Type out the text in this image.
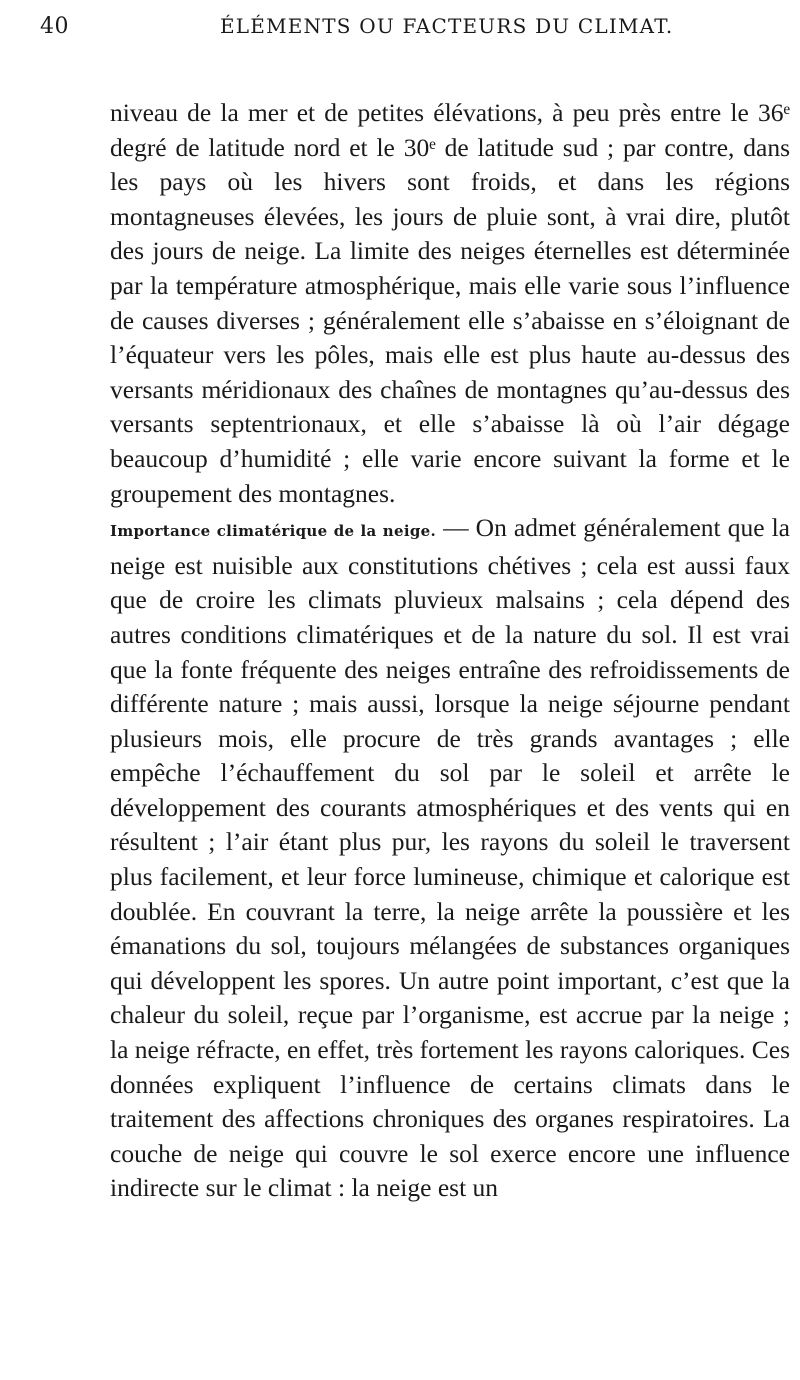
40	ÉLÉMENTS OU FACTEURS DU CLIMAT.

niveau de la mer et de petites élévations, à peu près entre le 36ᵉ degré de latitude nord et le 30ᵉ de latitude sud ; par contre, dans les pays où les hivers sont froids, et dans les régions montagneuses élevées, les jours de pluie sont, à vrai dire, plutôt des jours de neige. La limite des neiges éternelles est déterminée par la température atmosphérique, mais elle varie sous l’influence de causes diverses ; généralement elle s’abaisse en s’éloignant de l’équateur vers les pôles, mais elle est plus haute au-dessus des versants méridionaux des chaînes de montagnes qu’au-dessus des versants septentrionaux, et elle s’abaisse là où l’air dégage beaucoup d’humidité ; elle varie encore suivant la forme et le groupement des montagnes.

Importance climatérique de la neige. — On admet généralement que la neige est nuisible aux constitutions chétives ; cela est aussi faux que de croire les climats pluvieux malsains ; cela dépend des autres conditions climatériques et de la nature du sol. Il est vrai que la fonte fréquente des neiges entraîne des refroidissements de différente nature ; mais aussi, lorsque la neige séjourne pendant plusieurs mois, elle procure de très grands avantages ; elle empêche l’échauffement du sol par le soleil et arrête le développement des courants atmosphériques et des vents qui en résultent ; l’air étant plus pur, les rayons du soleil le traversent plus facilement, et leur force lumineuse, chimique et calorique est doublée. En couvrant la terre, la neige arrête la poussière et les émanations du sol, toujours mélangées de substances organiques qui développent les spores. Un autre point important, c’est que la chaleur du soleil, reçue par l’organisme, est accrue par la neige ; la neige réfracte, en effet, très fortement les rayons caloriques. Ces données expliquent l’influence de certains climats dans le traitement des affections chroniques des organes respiratoires. La couche de neige qui couvre le sol exerce encore une influence indirecte sur le climat : la neige est un
